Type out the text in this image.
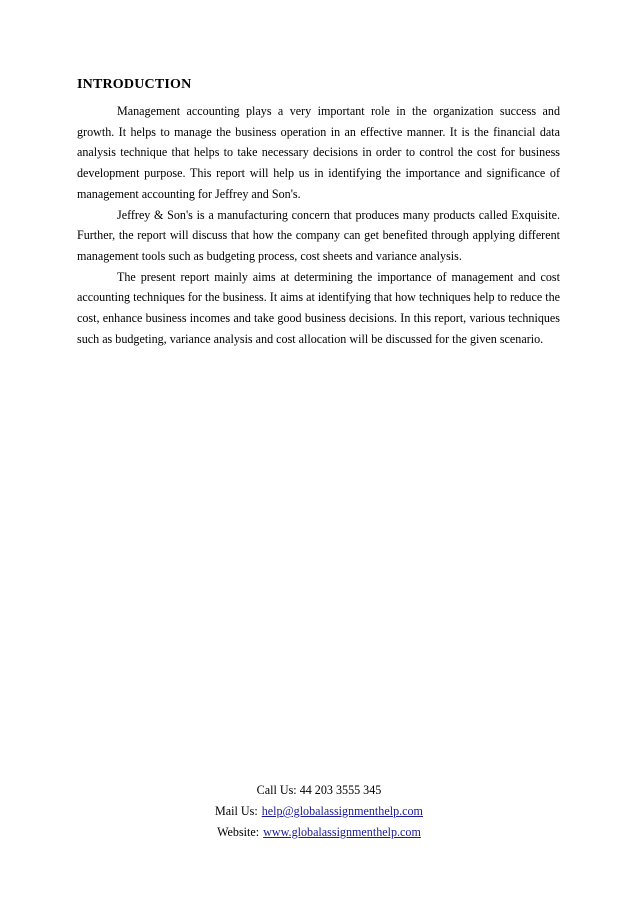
INTRODUCTION

Management accounting plays a very important role in the organization success and growth. It helps to manage the business operation in an effective manner. It is the financial data analysis technique that helps to take necessary decisions in order to control the cost for business development purpose. This report will help us in identifying the importance and significance of management accounting for Jeffrey and Son's.

Jeffrey & Son's is a manufacturing concern that produces many products called Exquisite. Further, the report will discuss that how the company can get benefited through applying different management tools such as budgeting process, cost sheets and variance analysis.

The present report mainly aims at determining the importance of management and cost accounting techniques for the business. It aims at identifying that how techniques help to reduce the cost, enhance business incomes and take good business decisions. In this report, various techniques such as budgeting, variance analysis and cost allocation will be discussed for the given scenario.

Call Us: 44 203 3555 345
Mail Us: help@globalassignmenthelp.com
Website: www.globalassignmenthelp.com
